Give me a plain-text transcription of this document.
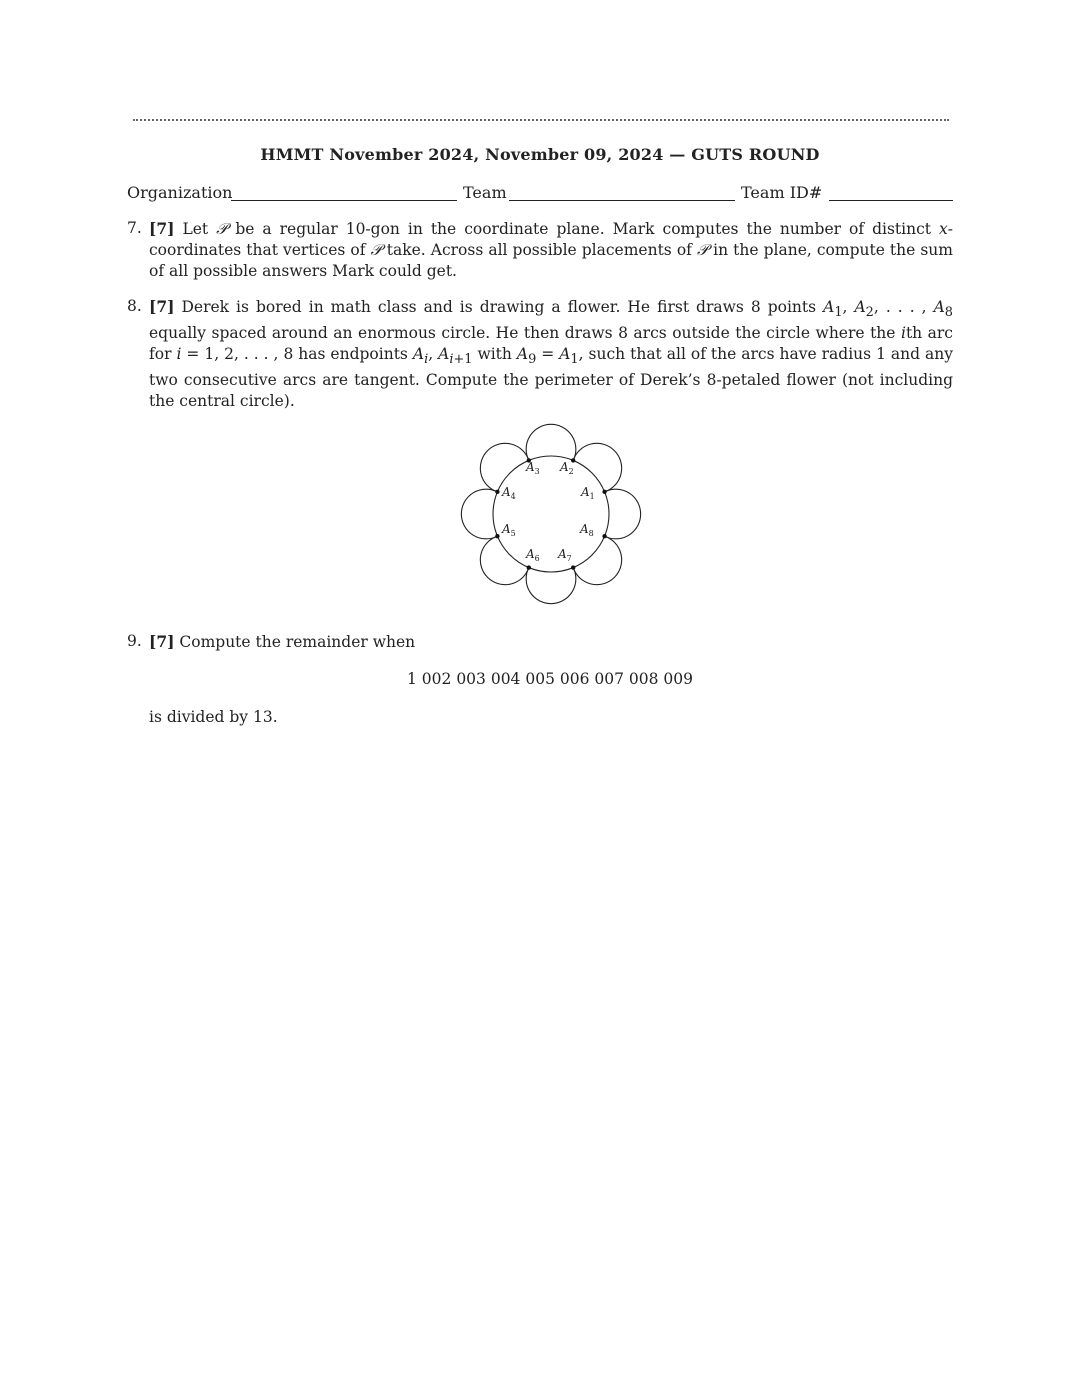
HMMT November 2024, November 09, 2024 — GUTS ROUND
Organization	Team	Team ID#
7. [7] Let 𝒫 be a regular 10-gon in the coordinate plane. Mark computes the number of distinct x-coordinates that vertices of 𝒫 take. Across all possible placements of 𝒫 in the plane, compute the sum of all possible answers Mark could get.
8. [7] Derek is bored in math class and is drawing a flower. He first draws 8 points $A_1$, $A_2$, . . . , $A_8$ equally spaced around an enormous circle. He then draws 8 arcs outside the circle where the ith arc for i = 1, 2, . . . , 8 has endpoints $A_i$, $A_{i+1}$ with $A_9 = A_1$, such that all of the arcs have radius 1 and any two consecutive arcs are tangent. Compute the perimeter of Derek’s 8-petaled flower (not including the central circle).
$A_1$
$A_2$
$A_3$
$A_4$
$A_5$
$A_6$ $A_7$
$A_8$
9. [7] Compute the remainder when
1 002 003 004 005 006 007 008 009
is divided by 13.
